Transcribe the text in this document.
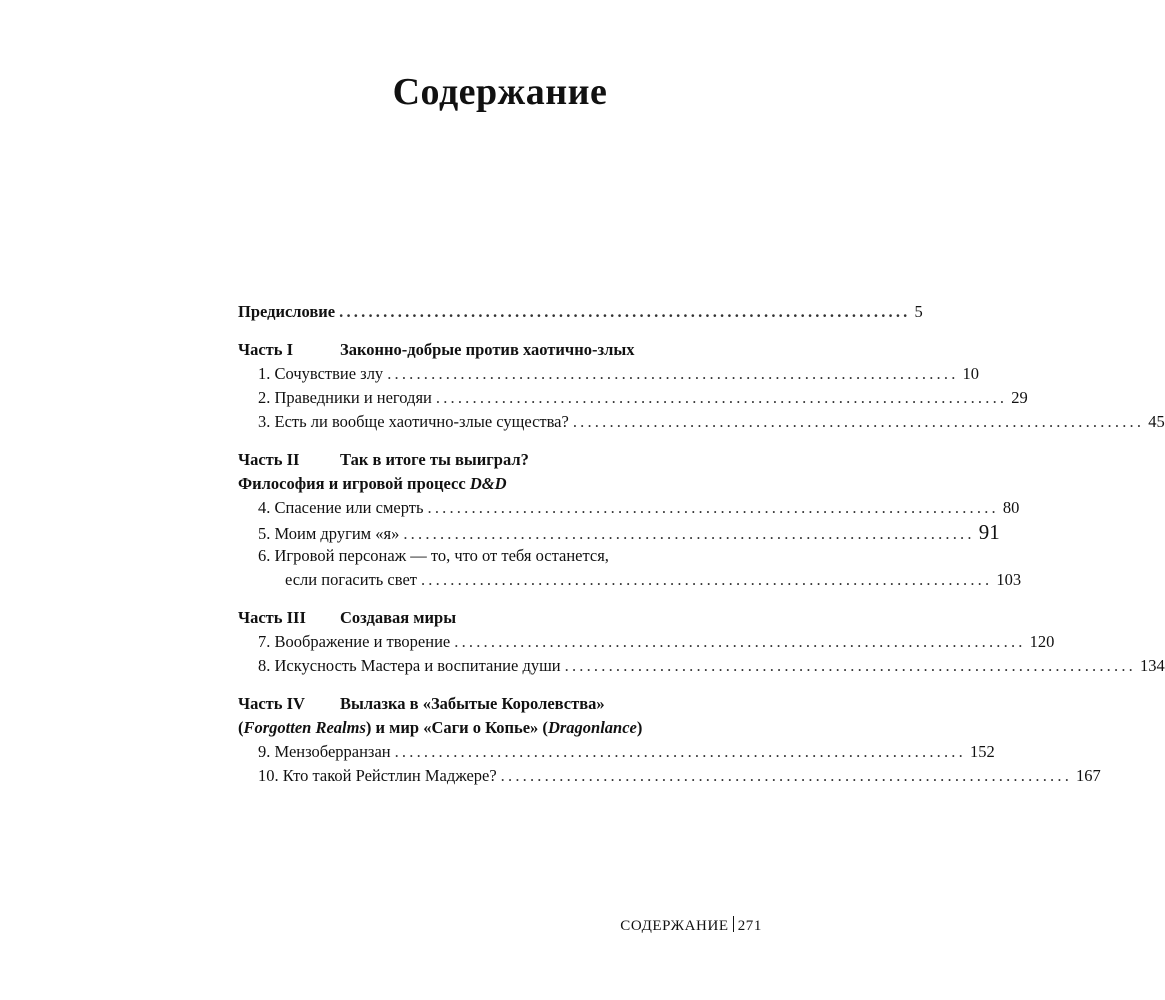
Содержание
Предисловие .............................................................................. 5
Часть I	Законно-добрые против хаотично-злых
1. Сочувствие злу .............................................................................. 10
2. Праведники и негодяи .............................................................................. 29
3. Есть ли вообще хаотично-злые существа? .............................................................................. 45
Часть II	Так в итоге ты выиграл?
Философия и игровой процесс D&D
4. Спасение или смерть .............................................................................. 80
5. Моим другим «я» .............................................................................. 91
6. Игровой персонаж — то, что от тебя останется,
если погасить свет .............................................................................. 103
Часть III	Создавая миры
7. Воображение и творение .............................................................................. 120
8. Искусность Мастера и воспитание души .............................................................................. 134
Часть IV	Вылазка в «Забытые Королевства»
(Forgotten Realms) и мир «Саги о Копье» (Dragonlance)
9. Мензоберранзан .............................................................................. 152
10. Кто такой Рейстлин Маджере? .............................................................................. 167
СОДЕРЖАНИЕ 271
